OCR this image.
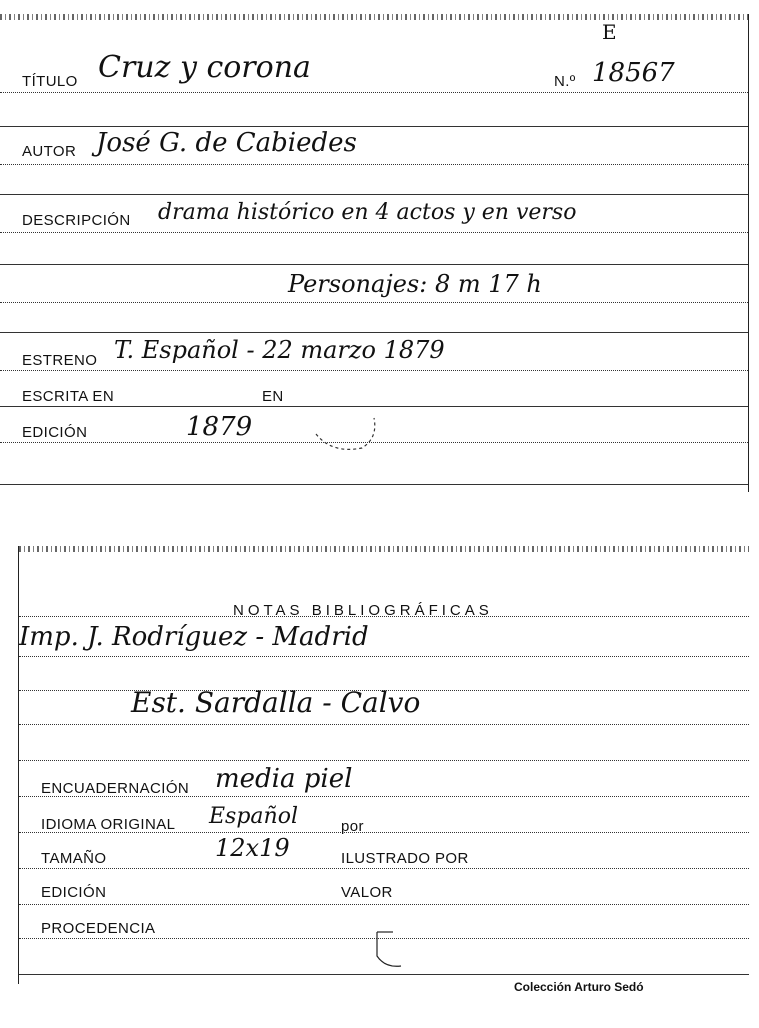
E
TÍTULO Cruz y corona	N.º 18567
AUTOR José G. de Cabiedes
DESCRIPCIÓN drama histórico en 4 actos y en verso
Personajes: 8 m 17 h
ESTRENO T. Español - 22 marzo 1879
ESCRITA EN	EN
EDICIÓN	1879
NOTAS BIBLIOGRÁFICAS
Imp. J. Rodríguez - Madrid
Est. Sardalla - Calvo
ENCUADERNACIÓN media piel
IDIOMA ORIGINAL Español	por
TAMAÑO	12x19	ILUSTRADO POR
EDICIÓN	VALOR
PROCEDENCIA
Colección Arturo Sedó
